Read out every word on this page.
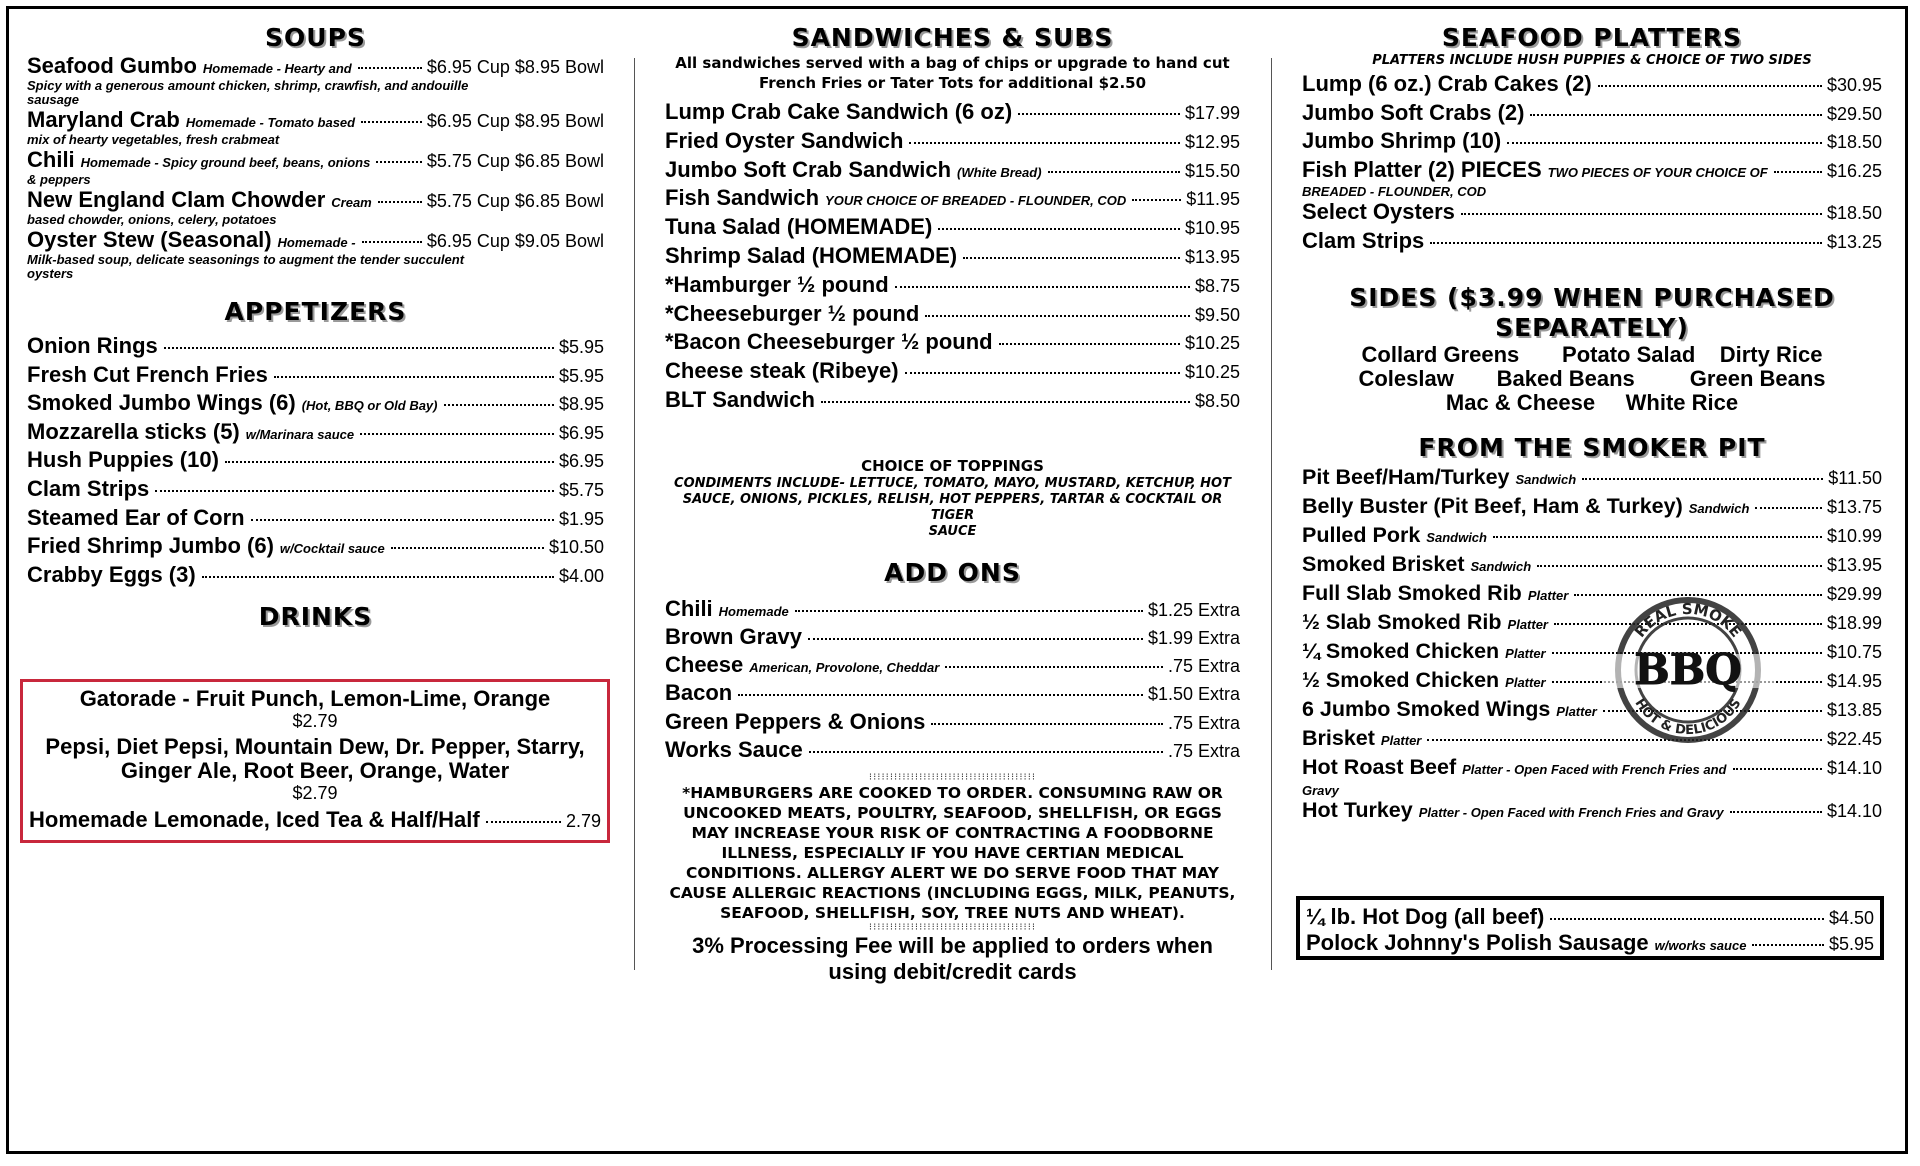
SOUPS
Seafood Gumbo Homemade - Hearty and	$6.95 Cup $8.95 Bowl
Spicy with a generous amount chicken, shrimp, crawfish, and andouille sausage
Maryland Crab Homemade - Tomato based	$6.95 Cup $8.95 Bowl
mix of hearty vegetables, fresh crabmeat
Chili Homemade - Spicy ground beef, beans, onions	$5.75 Cup $6.85 Bowl
& peppers
New England Clam Chowder Cream	$5.75 Cup $6.85 Bowl
based chowder, onions, celery, potatoes
Oyster Stew (Seasonal) Homemade -	$6.95 Cup $9.05 Bowl
Milk-based soup, delicate seasonings to augment the tender succulent oysters
APPETIZERS
Onion Rings	$5.95
Fresh Cut French Fries	$5.95
Smoked Jumbo Wings (6) (Hot, BBQ or Old Bay)	$8.95
Mozzarella sticks (5) w/Marinara sauce	$6.95
Hush Puppies (10)	$6.95
Clam Strips	$5.75
Steamed Ear of Corn	$1.95
Fried Shrimp Jumbo (6) w/Cocktail sauce	$10.50
Crabby Eggs (3)	$4.00
DRINKS
Gatorade - Fruit Punch, Lemon-Lime, Orange
$2.79
Pepsi, Diet Pepsi, Mountain Dew, Dr. Pepper, Starry,
Ginger Ale, Root Beer, Orange, Water
$2.79
Homemade Lemonade, Iced Tea & Half/Half	2.79
SANDWICHES & SUBS
All sandwiches served with a bag of chips or upgrade to hand cut
French Fries or Tater Tots for additional $2.50
Lump Crab Cake Sandwich (6 oz)	$17.99
Fried Oyster Sandwich	$12.95
Jumbo Soft Crab Sandwich (White Bread)	$15.50
Fish Sandwich YOUR CHOICE OF BREADED - FLOUNDER, COD	$11.95
Tuna Salad (HOMEMADE)	$10.95
Shrimp Salad (HOMEMADE)	$13.95
*Hamburger ½ pound	$8.75
*Cheeseburger ½ pound	$9.50
*Bacon Cheeseburger ½ pound	$10.25
Cheese steak (Ribeye)	$10.25
BLT Sandwich	$8.50
CHOICE OF TOPPINGS
CONDIMENTS INCLUDE- LETTUCE, TOMATO, MAYO, MUSTARD, KETCHUP, HOT
SAUCE, ONIONS, PICKLES, RELISH, HOT PEPPERS, TARTAR & COCKTAIL OR TIGER
SAUCE
ADD ONS
Chili Homemade	$1.25 Extra
Brown Gravy	$1.99 Extra
Cheese American, Provolone, Cheddar	.75 Extra
Bacon	$1.50 Extra
Green Peppers & Onions	.75 Extra
Works Sauce	.75 Extra
⁝⁝⁝⁝⁝⁝⁝⁝⁝⁝⁝⁝⁝⁝⁝⁝⁝⁝⁝⁝⁝⁝⁝⁝⁝⁝⁝⁝⁝⁝⁝⁝⁝⁝⁝⁝⁝⁝⁝⁝
*HAMBURGERS ARE COOKED TO ORDER. CONSUMING RAW OR
UNCOOKED MEATS, POULTRY, SEAFOOD, SHELLFISH, OR EGGS
MAY INCREASE YOUR RISK OF CONTRACTING A FOODBORNE
ILLNESS, ESPECIALLY IF YOU HAVE CERTIAN MEDICAL
CONDITIONS. ALLERGY ALERT WE DO SERVE FOOD THAT MAY
CAUSE ALLERGIC REACTIONS (INCLUDING EGGS, MILK, PEANUTS,
SEAFOOD, SHELLFISH, SOY, TREE NUTS AND WHEAT).
⁝⁝⁝⁝⁝⁝⁝⁝⁝⁝⁝⁝⁝⁝⁝⁝⁝⁝⁝⁝⁝⁝⁝⁝⁝⁝⁝⁝⁝⁝⁝⁝⁝⁝⁝⁝⁝⁝⁝⁝
3% Processing Fee will be applied to orders when
using debit/credit cards
SEAFOOD PLATTERS
PLATTERS INCLUDE HUSH PUPPIES & CHOICE OF TWO SIDES
Lump (6 oz.) Crab Cakes (2)	$30.95
Jumbo Soft Crabs (2)	$29.50
Jumbo Shrimp (10)	$18.50
Fish Platter (2) PIECES TWO PIECES OF YOUR CHOICE OF	$16.25
BREADED - FLOUNDER, COD
Select Oysters	$18.50
Clam Strips	$13.25
SIDES ($3.99 WHEN PURCHASED
SEPARATELY)
Collard Greens       Potato Salad    Dirty Rice
Coleslaw       Baked Beans         Green Beans
Mac & Cheese     White Rice
FROM THE SMOKER PIT
Pit Beef/Ham/Turkey Sandwich	$11.50
Belly Buster (Pit Beef, Ham & Turkey) Sandwich	$13.75
Pulled Pork Sandwich	$10.99
Smoked Brisket Sandwich	$13.95
Full Slab Smoked Rib Platter	$29.99
½ Slab Smoked Rib Platter	$18.99
¼ Smoked Chicken Platter	$10.75
½ Smoked Chicken Platter	$14.95
6 Jumbo Smoked Wings Platter	$13.85
Brisket Platter	$22.45
Hot Roast Beef Platter - Open Faced with French Fries and	$14.10
Gravy
Hot Turkey Platter - Open Faced with French Fries and Gravy	$14.10
¼ lb. Hot Dog (all beef)	$4.50
Polock Johnny's Polish Sausage w/works sauce	$5.95
REAL SMOKE
HOT & DELICIOUS
BBQ
